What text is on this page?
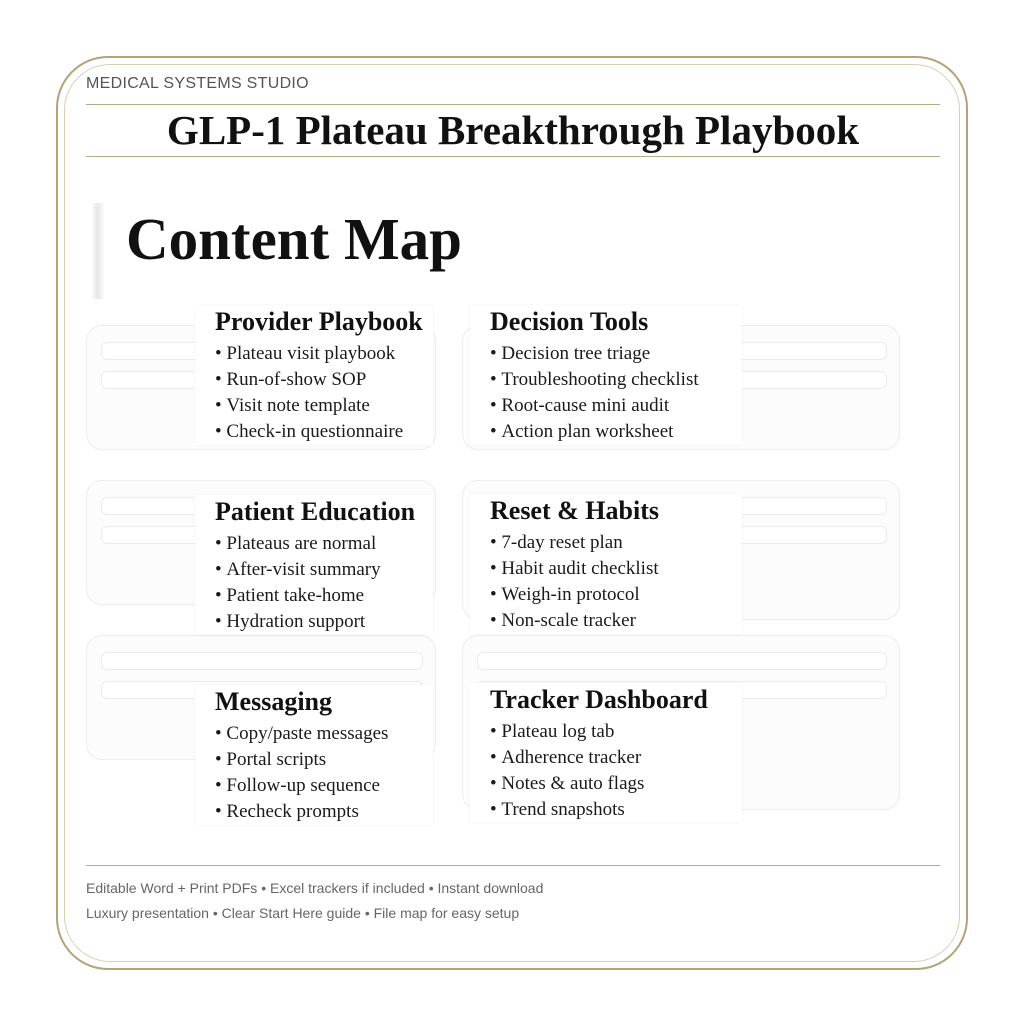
MEDICAL SYSTEMS STUDIO
GLP-1 Plateau Breakthrough Playbook
Content Map
Provider Playbook
• Plateau visit playbook
• Run-of-show SOP
• Visit note template
• Check-in questionnaire
Decision Tools
• Decision tree triage
• Troubleshooting checklist
• Root-cause mini audit
• Action plan worksheet
Patient Education
• Plateaus are normal
• After-visit summary
• Patient take-home
• Hydration support
Reset & Habits
• 7-day reset plan
• Habit audit checklist
• Weigh-in protocol
• Non-scale tracker
Messaging
• Copy/paste messages
• Portal scripts
• Follow-up sequence
• Recheck prompts
Tracker Dashboard
• Plateau log tab
• Adherence tracker
• Notes & auto flags
• Trend snapshots
Editable Word + Print PDFs • Excel trackers if included • Instant download
Luxury presentation • Clear Start Here guide • File map for easy setup
